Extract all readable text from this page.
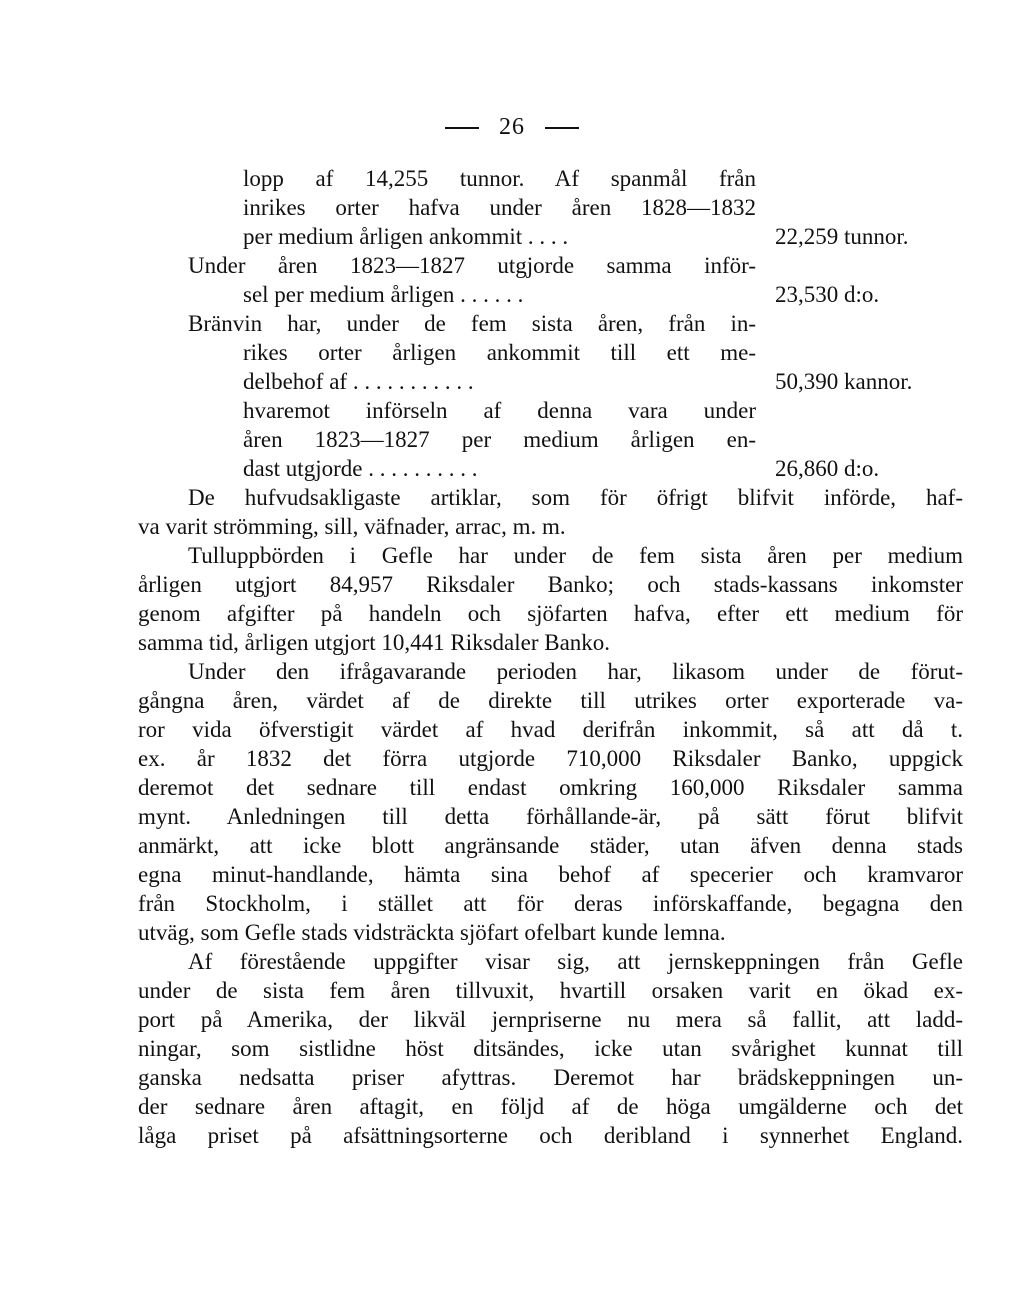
26
lopp af 14,255 tunnor. Af spanmål från
inrikes orter hafva under åren 1828—1832
per medium årligen ankommit . . . .	22,259 tunnor.
Under åren 1823—1827 utgjorde samma inför-
sel per medium årligen . . . . . .	23,530 d:o.
Bränvin har, under de fem sista åren, från in-
rikes orter årligen ankommit till ett me-
delbehof af . . . . . . . . . . .	50,390 kannor.
hvaremot införseln af denna vara under
åren 1823—1827 per medium årligen en-
dast utgjorde . . . . . . . . . .	26,860 d:o.
De hufvudsakligaste artiklar, som för öfrigt blifvit införde, haf-
va varit strömming, sill, väfnader, arrac, m. m.
Tulluppbörden i Gefle har under de fem sista åren per medium
årligen utgjort 84,957 Riksdaler Banko; och stads-kassans inkomster
genom afgifter på handeln och sjöfarten hafva, efter ett medium för
samma tid, årligen utgjort 10,441 Riksdaler Banko.
Under den ifrågavarande perioden har, likasom under de förut-
gångna åren, värdet af de direkte till utrikes orter exporterade va-
ror vida öfverstigit värdet af hvad derifrån inkommit, så att då t.
ex. år 1832 det förra utgjorde 710,000 Riksdaler Banko, uppgick
deremot det sednare till endast omkring 160,000 Riksdaler samma
mynt. Anledningen till detta förhållande-är, på sätt förut blifvit
anmärkt, att icke blott angränsande städer, utan äfven denna stads
egna minut-handlande, hämta sina behof af specerier och kramvaror
från Stockholm, i stället att för deras införskaffande, begagna den
utväg, som Gefle stads vidsträckta sjöfart ofelbart kunde lemna.
Af förestående uppgifter visar sig, att jernskeppningen från Gefle
under de sista fem åren tillvuxit, hvartill orsaken varit en ökad ex-
port på Amerika, der likväl jernpriserne nu mera så fallit, att ladd-
ningar, som sistlidne höst ditsändes, icke utan svårighet kunnat till
ganska nedsatta priser afyttras. Deremot har brädskeppningen un-
der sednare åren aftagit, en följd af de höga umgälderne och det
låga priset på afsättningsorterne och deribland i synnerhet England.
